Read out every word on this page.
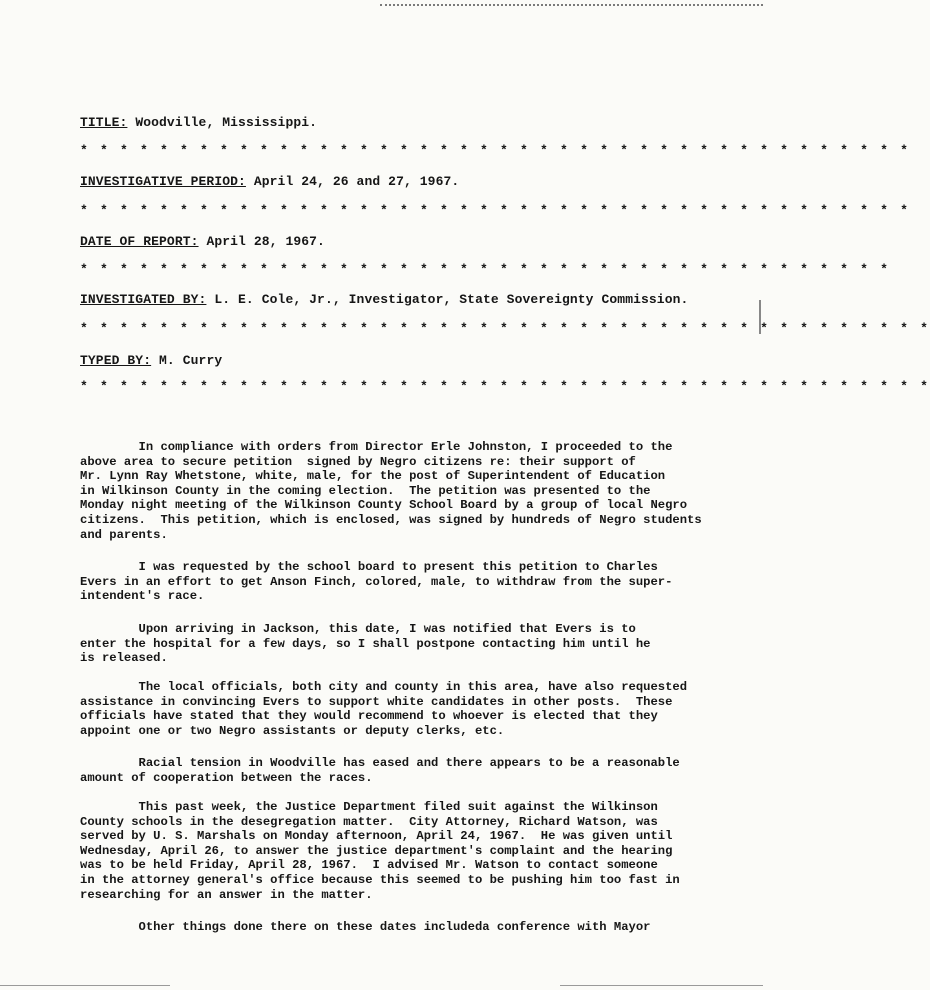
TITLE: Woodville, Mississippi.
* * * * * * * * * * * * * * * * * * * * * * * * * * * * * * * * * * * * * * * * * *
INVESTIGATIVE PERIOD: April 24, 26 and 27, 1967.
* * * * * * * * * * * * * * * * * * * * * * * * * * * * * * * * * * * * * * * * * *
DATE OF REPORT: April 28, 1967.
* * * * * * * * * * * * * * * * * * * * * * * * * * * * * * * * * * * * * * * * *
INVESTIGATED BY: L. E. Cole, Jr., Investigator, State Sovereignty Commission.
* * * * * * * * * * * * * * * * * * * * * * * * * * * * * * * * * * * * * * * * * * *
TYPED BY: M. Curry
* * * * * * * * * * * * * * * * * * * * * * * * * * * * * * * * * * * * * * * * * * *
In compliance with orders from Director Erle Johnston, I proceeded to the
above area to secure petition  signed by Negro citizens re: their support of
Mr. Lynn Ray Whetstone, white, male, for the post of Superintendent of Education
in Wilkinson County in the coming election.  The petition was presented to the
Monday night meeting of the Wilkinson County School Board by a group of local Negro
citizens.  This petition, which is enclosed, was signed by hundreds of Negro students
and parents.
I was requested by the school board to present this petition to Charles
Evers in an effort to get Anson Finch, colored, male, to withdraw from the super-
intendent's race.
Upon arriving in Jackson, this date, I was notified that Evers is to
enter the hospital for a few days, so I shall postpone contacting him until he
is released.
The local officials, both city and county in this area, have also requested
assistance in convincing Evers to support white candidates in other posts.  These
officials have stated that they would recommend to whoever is elected that they
appoint one or two Negro assistants or deputy clerks, etc.
Racial tension in Woodville has eased and there appears to be a reasonable
amount of cooperation between the races.
This past week, the Justice Department filed suit against the Wilkinson
County schools in the desegregation matter.  City Attorney, Richard Watson, was
served by U. S. Marshals on Monday afternoon, April 24, 1967.  He was given until
Wednesday, April 26, to answer the justice department's complaint and the hearing
was to be held Friday, April 28, 1967.  I advised Mr. Watson to contact someone
in the attorney general's office because this seemed to be pushing him too fast in
researching for an answer in the matter.
Other things done there on these dates includeda conference with Mayor
